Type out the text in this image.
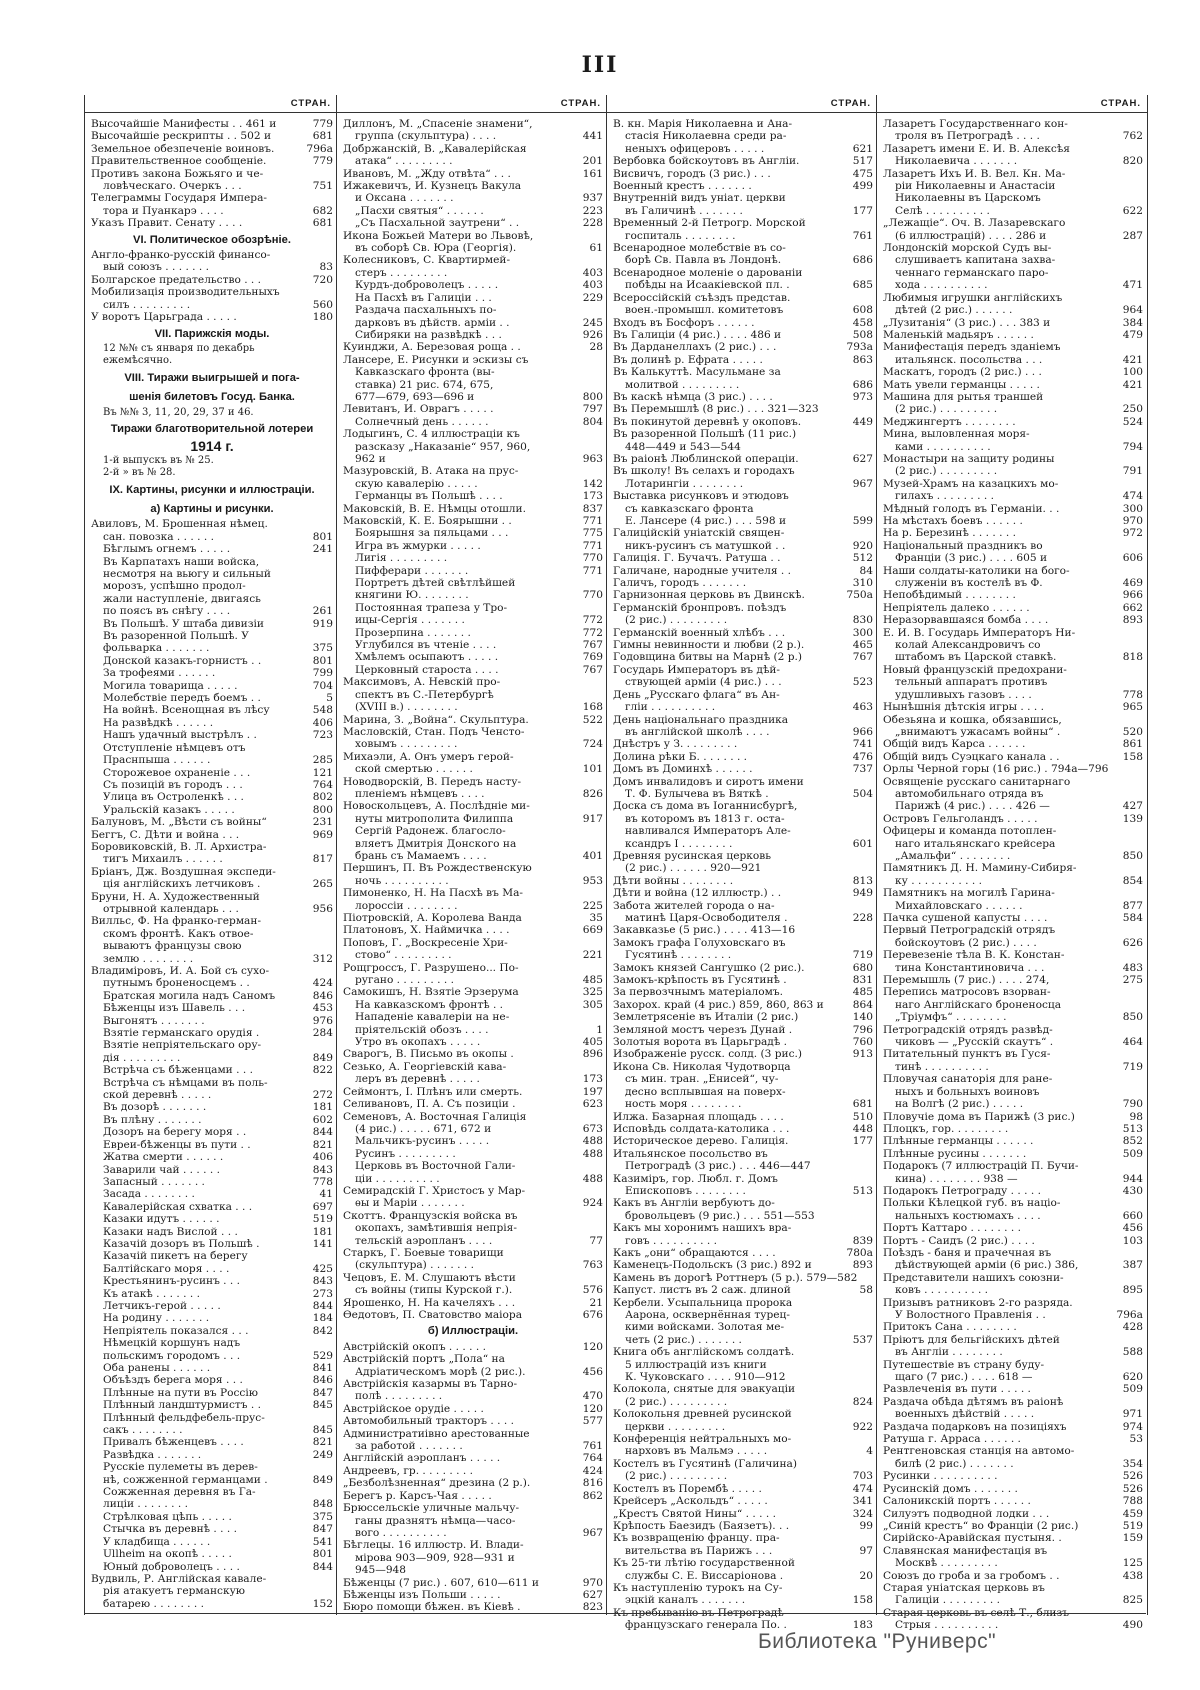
III
СТРАН.
Высочайшіе Манифесты . . 461 и	779
Высочайшіе рескрипты . . 502 и	681
Земельное обезпеченіе воиновъ.	796a
Правительственное сообщеніе.	779
Противъ закона Божьяго и че-
ловѣческаго. Очеркъ . . .	751
Телеграммы Государя Импера-
тора и Пуанкарэ . . . .	682
Указъ Правит. Сенату . . . .	681
VI. Политическое обозрѣніе.
Англо-франко-русскій финансо-
вый союзъ . . . . . . .	83
Болгарское предательство . . .	720
Мобилизація производительныхъ
силъ . . . . . . . . .	560
У воротъ Царьграда . . . . .	180
VII. Парижскія моды.
12 №№ съ января по декабрь
ежемѣсячно.
VIII. Тиражи выигрышей и пога-
шенія билетовъ Госуд. Банка.
Въ №№ 3, 11, 20, 29, 37 и 46.
Тиражи благотворительной лотереи
1914 г.
1-й выпускъ въ № 25.
2-й » въ № 28.
IX. Картины, рисунки и иллюстраціи.
а) Картины и рисунки.
Авиловъ, М. Брошенная нѣмец.
сан. повозка . . . . . .	801
Бѣглымъ огнемъ . . . . .	241
Въ Карпатахъ наши войска,
несмотря на вьюгу и сильный
морозъ, успѣшно продол-
жали наступленіе, двигаясь
по поясъ въ снѣгу . . . .	261
Въ Польшѣ. У штаба дивизіи	919
Въ разоренной Польшѣ. У
фольварка . . . . . . .	375
Донской казакъ-горнистъ . .	801
За трофеями . . . . . .	799
Могила товарища . . . . .	704
Молебствіе передъ боемъ . .	5
На войнѣ. Всенощная въ лѣсу	548
На развѣдкѣ . . . . . .	406
Нашъ удачный выстрѣлъ . .	723
Отступленіе нѣмцевъ отъ
Праснпыша . . . . . .	285
Сторожевое охраненіе . . .	121
Съ позицій въ городъ . . .	764
Улица въ Остроленкѣ . . .	802
Уральскій казакъ . . . . .	800
Балуновъ, М. „Вѣсти съ войны“	231
Беггъ, С. Дѣти и война . . .	969
Боровиковскій, В. Л. Архистра-
тигъ Михаилъ . . . . . .	817
Бріанъ, Дж. Воздушная экспеди-
ція англійскихъ летчиковъ .	265
Бруни, Н. А. Художественный
отрывной календарь . . .	956
Вилльс, Ф. На франко-герман-
скомъ фронтѣ. Какъ отвое-
вываютъ французы свою
землю . . . . . . . .	312
Владиміровъ, И. А. Бой съ сухо-
путнымъ броненосцемъ . .	424
Братская могила надъ Саномъ	846
Бѣженцы изъ Шавель . . .	453
Выгонятъ . . . . . . .	976
Взятіе германскаго орудія .	284
Взятіе непріятельскаго ору-
дія . . . . . . . . .	849
Встрѣча съ бѣженцами . . .	822
Встрѣча съ нѣмцами въ поль-
ской деревнѣ . . . . .	272
Въ дозорѣ . . . . . . .	181
Въ плѣну . . . . . . .	602
Дозоръ на берегу моря . .	844
Евреи-бѣженцы въ пути . .	821
Жатва смерти . . . . . .	406
Заварили чай . . . . . .	843
Запасный . . . . . . .	778
Засада . . . . . . . .	41
Кавалерійская схватка . . .	697
Казаки идутъ . . . . . .	519
Казаки надъ Вислой . . .	181
Казачій дозоръ въ Польшѣ .	141
Казачій пикетъ на берегу
Балтійскаго моря . . . .	425
Крестьянинъ-русинъ . . .	843
Къ атакѣ . . . . . . .	273
Летчикъ-герой . . . . .	844
На родину . . . . . . .	184
Непріятель показался . . .	842
Нѣмецкій коршунъ надъ
польскимъ городомъ . . .	529
Оба ранены . . . . . .	841
Объѣздъ берега моря . . .	846
Плѣнные на пути въ Россію	847
Плѣнный ландштурмистъ . .	845
Плѣнный фельдфебель-прус-
сакъ . . . . . . . .	845
Привалъ бѣженцевъ . . . .	821
Развѣдка . . . . . . .	249
Русскіе пулеметы въ дерев-
нѣ, сожженной германцами .	849
Сожженная деревня въ Га-
лиціи . . . . . . . .	848
Стрѣлковая цѣпь . . . . .	375
Стычка въ деревнѣ . . . .	847
У кладбища . . . . . .	541
Ullheim на окопѣ . . . . .	801
Юный доброволецъ . . . .	844
Вудвиль, Р. Англійская кавале-
рія атакуетъ германскую
батарею . . . . . . . .	152
СТРАН.
Диллонъ, М. „Спасеніе знамени“,
группа (скульптура) . . . .	441
Добржанскій, В. „Кавалерійская
атака“ . . . . . . . . .	201
Ивановъ, М. „Жду отвѣта“ . . .	161
Ижакевичъ, И. Кузнецъ Вакула
и Оксана . . . . . . .	937
„Пасхи святыя“ . . . . . .	223
„Съ Пасхальной заутрени“ . .	228
Икона Божьей Матери во Львовѣ,
въ соборѣ Св. Юра (Георгія).	61
Колесниковъ, С. Квартирмей-
стеръ . . . . . . . . .	403
Курдъ-доброволецъ . . . . .	403
На Пасхѣ въ Галиціи . . .	229
Раздача пасхальныхъ по-
дарковъ въ дѣйств. арміи . .	245
Сибиряки на развѣдкѣ . . .	926
Куинджи, А. Березовая роща . .	28
Лансере, Е. Рисунки и эскизы съ
Кавказскаго фронта (вы-
ставка) 21 рис. 674, 675,
677—679, 693—696 и	800
Левитанъ, И. Оврагъ . . . . .	797
Солнечный день . . . . . .	804
Лодыгинъ, С. 4 иллюстраціи къ
разсказу „Наказаніе“ 957, 960,
962 и	963
Мазуровскій, В. Атака на прус-
скую кавалерію . . . . .	142
Германцы въ Польшѣ . . . .	173
Маковскій, В. Е. Нѣмцы отошли.	837
Маковскій, К. Е. Боярышни . .	771
Боярышня за пяльцами . . .	775
Игра въ жмурки . . . . .	771
Лигія . . . . . . . . .	770
Пифферари . . . . . . .	771
Портретъ дѣтей свѣтлѣйшей
княгини Ю. . . . . . . .	770
Постоянная трапеза у Тро-
ицы-Сергія . . . . . . .	772
Прозерпина . . . . . . .	772
Углубился въ чтеніе . . . .	767
Хмѣлемъ осыпаютъ . . . . .	769
Церковный староста . . . .	767
Максимовъ, А. Невскій про-
спектъ въ С.-Петербургѣ
(XVIII в.) . . . . . . . .	168
Марина, З. „Война“. Скульптура.	522
Масловскій, Стан. Подъ Ченсто-
ховымъ . . . . . . . . .	724
Михаэли, А. Онъ умеръ герой-
ской смертью . . . . . .	101
Новодворскій, В. Передъ насту-
пленіемъ нѣмцевъ . . . .	826
Новоскольцевъ, А. Послѣдніе ми-
нуты митрополита Филиппа	917
Сергій Радонеж. благосло-
вляетъ Дмитрія Донского на
брань съ Мамаемъ . . . .	401
Першинъ, П. Въ Рождественскую
ночь . . . . . . . . . .	953
Пимоненко, Н. На Пасхѣ въ Ма-
лороссіи . . . . . . . .	225
Піотровскій, А. Королева Ванда	35
Платоновъ, Х. Наймичка . . . .	669
Поповъ, Г. „Воскресеніе Хри-
стово“ . . . . . . . . .	221
Рощгроссъ, Г. Разрушено... По-
ругано . . . . . . . . .	485
Самокишъ, Н. Взятіе Эрзерума	325
На кавказскомъ фронтѣ . .	305
Нападеніе кавалеріи на не-
пріятельскій обозъ . . . .	1
Утро въ окопахъ . . . . .	405
Сварогъ, В. Письмо въ окопы .	896
Сезько, А. Георгіевскій кава-
леръ въ деревнѣ . . . . .	173
Сеймонтъ, І. Плѣнъ или смерть.	197
Селивановъ, П. А. Съ позиціи .	623
Семеновъ, А. Восточная Галиція
(4 рис.) . . . . . 671, 672 и	673
Мальчикъ-русинъ . . . . .	488
Русинъ . . . . . . . . .	488
Церковь въ Восточной Гали-
ціи . . . . . . . . . .	488
Семирадскій Г. Христосъ у Мар-
ѳы и Маріи . . . . . . .	924
Скоттъ. Французскія войска въ
окопахъ, замѣтившія непрія-
тельскій аэропланъ . . . .	77
Старкъ, Г. Боевые товарищи
(скульптура) . . . . . . .	763
Чецовъ, Е. М. Слушаютъ вѣсти
съ войны (типы Курской г.).	576
Ярошенко, Н. На качеляхъ . . .	21
Ѳедотовъ, П. Сватовство маіора	676
б) Иллюстраціи.
Австрійскій окопъ . . . . . .	120
Австрійскій портъ „Пола“ на
Адріатическомъ морѣ (2 рис.).	456
Австрійскія казармы въ Тарно-
полѣ . . . . . . . . .	470
Австрійское орудіе . . . . .	120
Автомобильный тракторъ . . . .	577
Администратиівно арестованные
за работой . . . . . . .	761
Англійскій аэропланъ . . . . .	764
Андреевъ, гр. . . . . . . . .	424
„Безболѣзненная“ дрезина (2 р.).	816
Берегъ р. Карсъ-Чая . . . . .	862
Брюссельскіе уличные мальчу-
ганы дразнятъ нѣмца—часо-
вого . . . . . . . . . .	967
Бѣглецы. 16 иллюстр. И. Влади-
мірова 903—909, 928—931 и
945—948
Бѣженцы (7 рис.) . 607, 610—611 и	970
Бѣженцы изъ Польши . . . . .	627
Бюро помощи бѣжен. въ Кіевѣ .	823
СТРАН.
В. кн. Марія Николаевна и Ана-
стасія Николаевна среди ра-
неныхъ офицеровъ . . . . .	621
Вербовка бойскоутовъ въ Англіи.	517
Висвичъ, городъ (3 рис.) . . .	475
Военный крестъ . . . . . . .	499
Внутренній видъ уніат. церкви
въ Галичинѣ . . . . . . .	177
Временный 2-й Петрогр. Морской
госпиталь . . . . . . . .	761
Всенародное молебствіе въ со-
борѣ Св. Павла въ Лондонѣ.	686
Всенародное моленіе о дарованіи
побѣды на Исаакіевской пл. .	685
Всероссійскій съѣздъ представ.
воен.-промышл. комитетовъ	608
Входъ въ Босфоръ . . . . . .	458
Въ Галиціи (4 рис.) . . . . 486 и	508
Въ Дарданеллахъ (2 рис.) . . .	793a
Въ долинѣ р. Ефрата . . . . .	863
Въ Калькуттѣ. Масульмане за
молитвой . . . . . . . . .	686
Въ каскѣ нѣмца (3 рис.) . . . .	973
Въ Перемышлѣ (8 рис.) . . . 321—323
Въ покинутой деревнѣ у окоповъ.	449
Въ разоренной Польшѣ (11 рис.)
448—449 и 543—544
Въ раіонѣ Люблинской операціи.	627
Въ школу! Въ селахъ и городахъ
Лотарингіи . . . . . . . .	967
Выставка рисунковъ и этюдовъ
съ кавказскаго фронта
Е. Лансере (4 рис.) . . . 598 и	599
Галиційскій уніатскій священ-
никъ-русинъ съ матушкой . .	920
Галиція. Г. Бучачъ. Ратуша . .	512
Галичане, народные учителя . .	84
Галичъ, городъ . . . . . . .	310
Гарнизонная церковь въ Двинскѣ.	750a
Германскій бронпровъ. поѣздъ
(2 рис.) . . . . . . . . .	830
Германскій военный хлѣбъ . . .	300
Гимны невинности и любви (2 р.).	465
Годовщина битвы на Марнѣ (2 р.)	767
Государь Императоръ въ дѣй-
ствующей арміи (4 рис.) . . .	523
День „Русскаго флага“ въ Ан-
гліи . . . . . . . . . .	463
День національнаго праздника
въ англійской школѣ . . . .	966
Днѣстръ у З. . . . . . . . .	741
Долина рѣки Б. . . . . . . .	476
Домъ въ Доминхѣ . . . . . .	737
Домъ инвалидовъ и сиротъ имени
Т. Ф. Булычева въ Вяткѣ .	504
Доска съ дома въ Іоганнисбургѣ,
въ которомъ въ 1813 г. оста-
навливался Императоръ Але-
ксандръ I . . . . . . . .	601
Древняя русинская церковь
(2 рис.) . . . . . . 920—921
Дѣти войны . . . . . . . .	813
Дѣти и война (12 иллюстр.) . .	949
Забота жителей города о на-
матинѣ Царя-Освободителя .	228
Закавказье (5 рис.) . . . . 413—16
Замокъ графа Голуховскаго въ
Гусятинѣ . . . . . . . .	719
Замокъ князей Сангушко (2 рис.).	680
Замокъ-крѣпость въ Гусятинѣ .	831
За первозчнымъ матеріаломъ.	485
Захорох. край (4 рис.) 859, 860, 863 и	864
Землетрясеніе въ Италіи (2 рис.)	140
Земляной мостъ черезъ Дунай .	796
Золотыя ворота въ Царьградѣ .	760
Изображеніе русск. солд. (3 рис.)	913
Икона Св. Николая Чудотворца
съ мин. тран. „Енисей“, чу-
десно всплывшая на поверх-
ность моря . . . . . . . .	681
Илжа. Базарная площадь . . . .	510
Исповѣдь солдата-католика . . .	448
Историческое дерево. Галиція.	177
Итальянское посольство въ
Петроградѣ (3 рис.) . . . 446—447
Казиміръ, гор. Любл. г. Домъ
Епископовъ . . . . . . . .	513
Какъ въ Англіи вербуютъ до-
бровольцевъ (9 рис.) . . . 551—553
Какъ мы хоронимъ нашихъ вра-
говъ . . . . . . . . . .	839
Какъ „они“ обращаются . . . .	780a
Каменецъ-Подольскъ (3 рис.) 892 и	893
Камень въ дорогѣ Роттнеръ (5 р.). 579—582
Капуст. листъ въ 2 саж. длиной	58
Кербели. Усыпальница пророка
Аарона, осквернённая турец-
кими войсками. Золотая ме-
четь (2 рис.) . . . . . . .	537
Книга объ англійскомъ солдатѣ.
5 иллюстрацій изъ книги
К. Чуковскаго . . . . 910—912
Колокола, снятые для эвакуаціи
(2 рис.) . . . . . . . . .	824
Колокольня древней русинской
церкви . . . . . . . . .	922
Конференція нейтральныхъ мо-
нарховъ въ Мальмэ . . . . .	4
Костелъ въ Гусятинѣ (Галичина)
(2 рис.) . . . . . . . . .	703
Костелъ въ Порембѣ . . . . .	474
Крейсеръ „Аскольдъ“ . . . . .	341
„Крестъ Святой Нины“ . . . . .	324
Крѣпость Баезидъ (Баязетъ). . .	99
Къ возвращенію францу. пра-
вительства въ Парижъ . . .	97
Къ 25-ти лѣтію государственной
службы С. Е. Виссаріонова .	20
Къ наступленію турокъ на Су-
эцкій каналъ . . . . . . .	158
Къ пребыванію въ Петроградѣ
французскаго генерала По. .	183
СТРАН.
Лазаретъ Государственнаго кон-
троля въ Петроградѣ . . . .	762
Лазаретъ имени Е. И. В. Алексѣя
Николаевича . . . . . . .	820
Лазаретъ Ихъ И. В. Вел. Кн. Ма-
ріи Николаевны и Анастасіи
Николаевны въ Царскомъ
Селѣ . . . . . . . . . .	622
„Лежащіе“. Оч. В. Лазаревскаго
(6 иллюстрацій) . . . . 286 и	287
Лондонскій морской Судъ вы-
слушиваетъ капитана захва-
ченнаго германскаго паро-
хода . . . . . . . . . .	471
Любимыя игрушки англійскихъ
дѣтей (2 рис.) . . . . . .	964
„Лузитанія“ (3 рис.) . . . 383 и	384
Маленькій мадьяръ . . . . . .	479
Манифестація передъ зданіемъ
итальянск. посольства . . .	421
Маскатъ, городъ (2 рис.) . . .	100
Мать увели германцы . . . . .	421
Машина для рытья траншей
(2 рис.) . . . . . . . . .	250
Меджингертъ . . . . . . . .	524
Мина, выловленная моря-
ками . . . . . . . . . .	794
Монастыри на защиту родины
(2 рис.) . . . . . . . . .	791
Музей-Храмъ на казацкихъ мо-
гилахъ . . . . . . . . .	474
Мѣдный голодъ въ Германіи. . .	300
На мѣстахъ боевъ . . . . . .	970
На р. Березинѣ . . . . . . .	972
Національный праздникъ во
Франціи (3 рис.) . . . . 605 и	606
Наши солдаты-католики на бого-
служеніи въ костелѣ въ Ф.	469
Непобѣдимый . . . . . . . .	966
Непріятель далеко . . . . . .	662
Неразорвавшаяся бомба . . . .	893
Е. И. В. Государь Императоръ Ни-
колай Александровичъ со
штабомъ въ Царской ставкѣ.	818
Новый французскій предохрани-
тельный аппаратъ противъ
удушливыхъ газовъ . . . .	778
Нынѣшнія дѣтскія игры . . . .	965
Обезьяна и кошка, обязавшись,
„внимаютъ ужасамъ войны“ .	520
Общій видъ Карса . . . . . .	861
Общій видъ Суэцкаго канала . .	158
Орлы Черной горы (16 рис.) . 794a—796
Освященіе русскаго санитарнаго
автомобильнаго отряда въ
Парижѣ (4 рис.) . . . . 426 —	427
Островъ Гельголандъ . . . . .	139
Офицеры и команда потоплен-
наго итальянскаго крейсера
„Амальфи“ . . . . . . . .	850
Памятникъ Д. Н. Мамину-Сибиря-
ку . . . . . . . . . . .	854
Памятникъ на могилѣ Гарина-
Михайловскаго . . . . . .	877
Пачка сушеной капусты . . . .	584
Первый Петроградскій отрядъ
бойскоутовъ (2 рис.) . . . .	626
Перевезеніе тѣла В. К. Констан-
тина Константиновича . . .	483
Перемышль (7 рис.) . . . . 274,	275
Перепись матросовъ взорван-
наго Англійскаго броненосца
„Тріумфъ“ . . . . . . . .	850
Петроградскій отрядъ развѣд-
чиковъ — „Русскій скаутъ“ .	464
Питательный пунктъ въ Гуся-
тинѣ . . . . . . . . . .	719
Пловучая санаторія для ране-
ныхъ и больныхъ воиновъ
на Волгѣ (2 рис.) . . . . .	790
Пловучіе дома въ Парижѣ (3 рис.)	98
Плоцкъ, гор. . . . . . . . .	513
Плѣнные германцы . . . . . .	852
Плѣнные русины . . . . . . .	509
Подарокъ (7 иллюстрацій П. Бучи-
кина) . . . . . . . . 938 —	944
Подарокъ Петрограду . . . . .	430
Польки Кѣлецкой губ. въ націо-
нальныхъ костюмахъ . . . .	660
Портъ Каттаро . . . . . . . .	456
Портъ - Саидъ (2 рис.) . . . .	103
Поѣздъ - баня и прачечная въ
дѣйствующей арміи (6 рис.) 386,	387
Представители нашихъ союзни-
ковъ . . . . . . . . . .	895
Призывъ ратниковъ 2-го разряда.
У Волостного Правленія . .	796a
Притокъ Сана . . . . . . . .	428
Пріютъ для бельгійскихъ дѣтей
въ Англіи . . . . . . . .	588
Путешествіе въ страну буду-
щаго (7 рис.) . . . . 618 —	620
Развлеченія въ пути . . . . .	509
Раздача обѣда дѣтямъ въ раіонѣ
военныхъ дѣйствій . . . . .	971
Раздача подарковъ на позиціяхъ	974
Ратуша г. Арраса . . . . . .	53
Рентгеновская станція на автомо-
билѣ (2 рис.) . . . . . . .	354
Русинки . . . . . . . . . .	526
Русинскій домъ . . . . . . .	526
Салоникскій портъ . . . . . .	788
Силуэтъ подводной лодки . . .	459
„Синій крестъ“ во Франціи (2 рис.)	519
Сирійско-Аравійская пустыня. .	159
Славянская манифестація въ
Москвѣ . . . . . . . . .	125
Союзъ до гроба и за гробомъ . .	438
Старая уніатская церковь въ
Галиціи . . . . . . . . .	825
Старая церковь въ селѣ Т., близъ
Стрыя . . . . . . . . . .	490
Библиотека "Руниверс"
